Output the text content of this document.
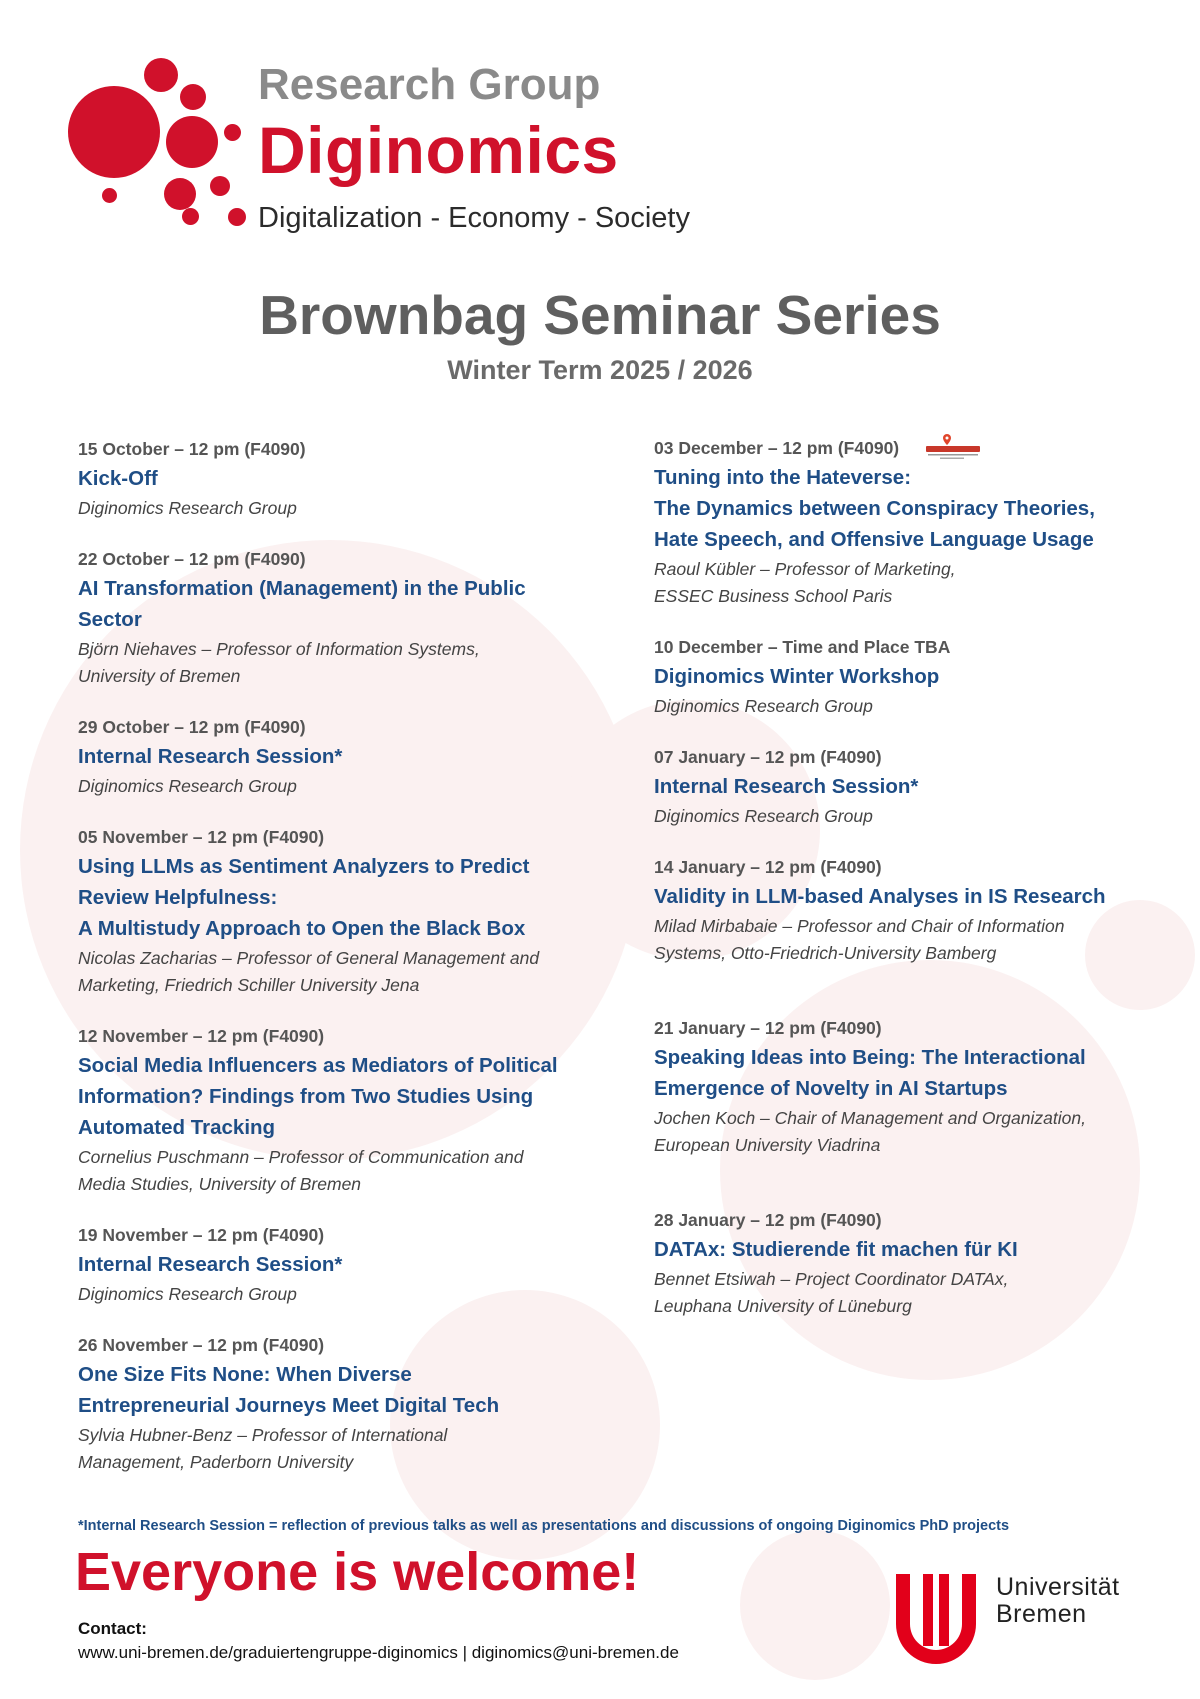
Research Group
Diginomics
Digitalization - Economy - Society
Brownbag Seminar Series
Winter Term 2025 / 2026
15 October – 12 pm (F4090)
Kick-Off
Diginomics Research Group
22 October – 12 pm (F4090)
AI Transformation (Management) in the Public
Sector
Björn Niehaves – Professor of Information Systems,
University of Bremen
29 October – 12 pm (F4090)
Internal Research Session*
Diginomics Research Group
05 November – 12 pm (F4090)
Using LLMs as Sentiment Analyzers to Predict
Review Helpfulness:
A Multistudy Approach to Open the Black Box
Nicolas Zacharias – Professor of General Management and
Marketing, Friedrich Schiller University Jena
12 November – 12 pm (F4090)
Social Media Influencers as Mediators of Political
Information? Findings from Two Studies Using
Automated Tracking
Cornelius Puschmann – Professor of Communication and
Media Studies, University of Bremen
19 November – 12 pm (F4090)
Internal Research Session*
Diginomics Research Group
26 November – 12 pm (F4090)
One Size Fits None: When Diverse
Entrepreneurial Journeys Meet Digital Tech
Sylvia Hubner-Benz – Professor of International
Management, Paderborn University
03 December – 12 pm (F4090)
Tuning into the Hateverse:
The Dynamics between Conspiracy Theories,
Hate Speech, and Offensive Language Usage
Raoul Kübler – Professor of Marketing,
ESSEC Business School Paris
10 December – Time and Place TBA
Diginomics Winter Workshop
Diginomics Research Group
07 January – 12 pm (F4090)
Internal Research Session*
Diginomics Research Group
14 January – 12 pm (F4090)
Validity in LLM-based Analyses in IS Research
Milad Mirbabaie – Professor and Chair of Information
Systems, Otto-Friedrich-University Bamberg
21 January – 12 pm (F4090)
Speaking Ideas into Being: The Interactional
Emergence of Novelty in AI Startups
Jochen Koch – Chair of Management and Organization,
European University Viadrina
28 January – 12 pm (F4090)
DATAx: Studierende fit machen für KI
Bennet Etsiwah – Project Coordinator DATAx,
Leuphana University of Lüneburg
*Internal Research Session = reflection of previous talks as well as presentations and discussions of ongoing Diginomics PhD projects
Everyone is welcome!
Contact:
www.uni-bremen.de/graduiertengruppe-diginomics | diginomics@uni-bremen.de
Universität
Bremen
